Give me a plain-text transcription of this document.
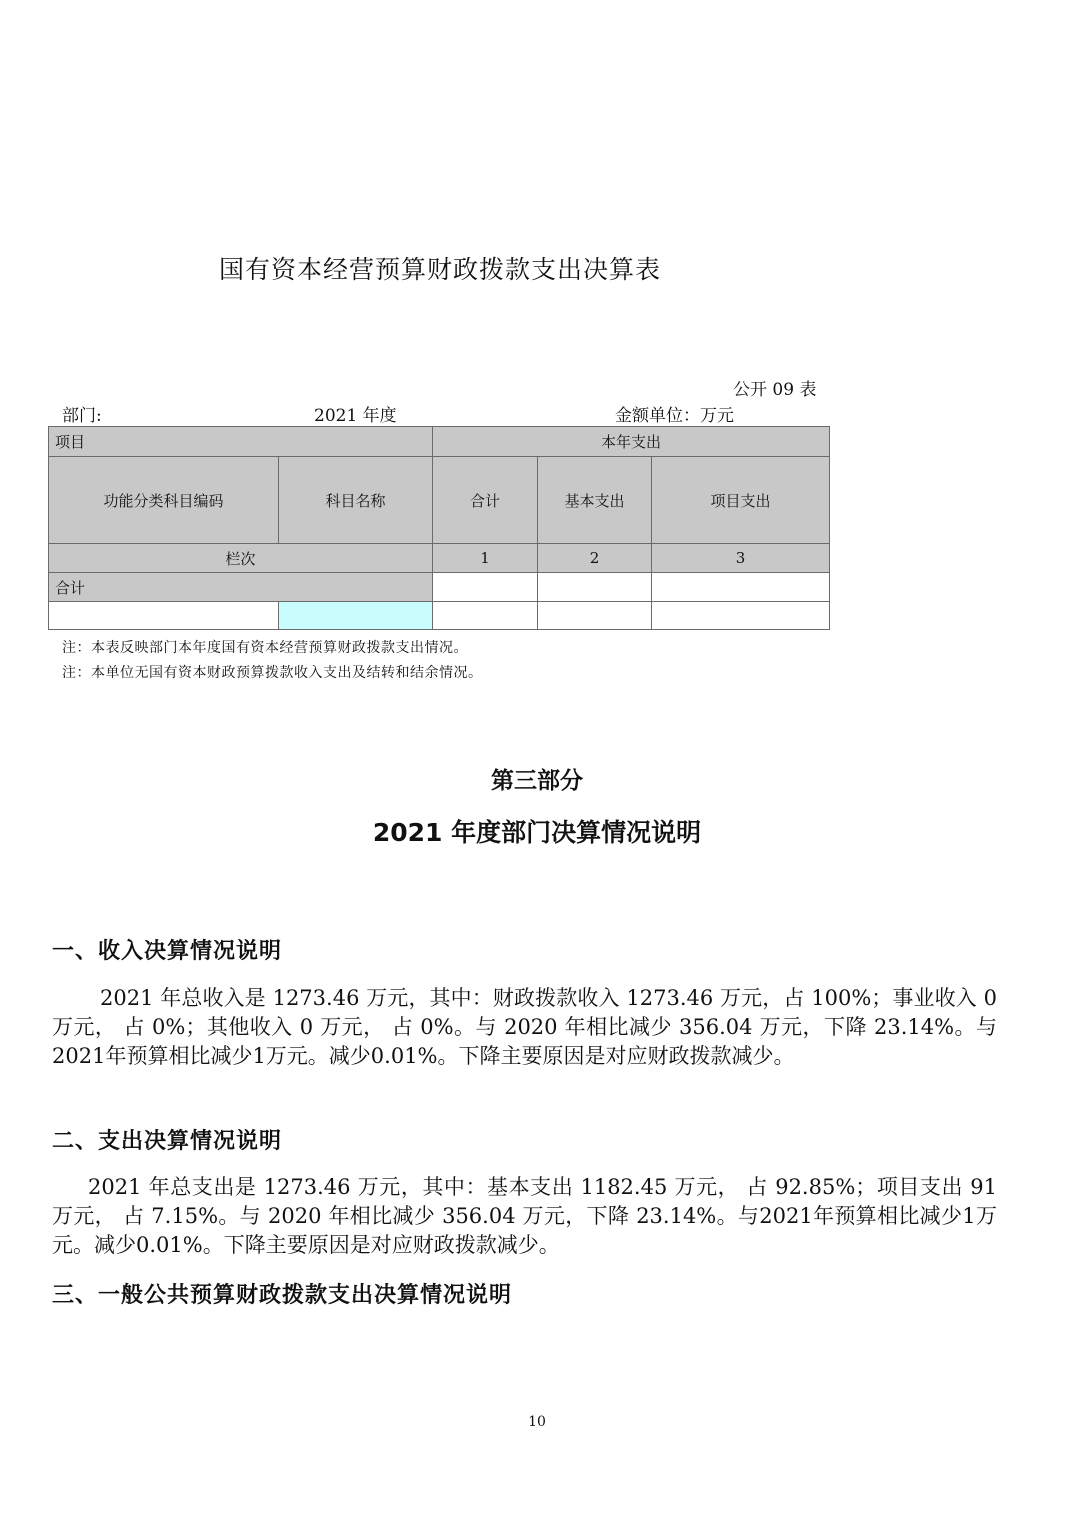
国有资本经营预算财政拨款支出决算表
公开 09 表
部门:	2021 年度	金额单位：万元
项目		本年支出		
功能分类科目编码	科目名称	合计	基本支出	项目支出
栏次		1	2	3
合计				

注：本表反映部门本年度国有资本经营预算财政拨款支出情况。
注：本单位无国有资本财政预算拨款收入支出及结转和结余情况。
第三部分
2021 年度部门决算情况说明
一、收入决算情况说明

2021 年总收入是 1273.46 万元，其中：财政拨款收入 1273.46 万元，占 100%；事业收入 0 万元， 占 0%；其他收入 0 万元， 占 0%。与 2020 年相比减少 356.04 万元，下降 23.14%。与2021年预算相比减少1万元。减少0.01%。下降主要原因是对应财政拨款减少。

二、支出决算情况说明

2021 年总支出是 1273.46 万元，其中：基本支出 1182.45 万元， 占 92.85%；项目支出 91 万元， 占 7.15%。与 2020 年相比减少 356.04 万元，下降 23.14%。与2021年预算相比减少1万元。减少0.01%。下降主要原因是对应财政拨款减少。

三、一般公共预算财政拨款支出决算情况说明
10
